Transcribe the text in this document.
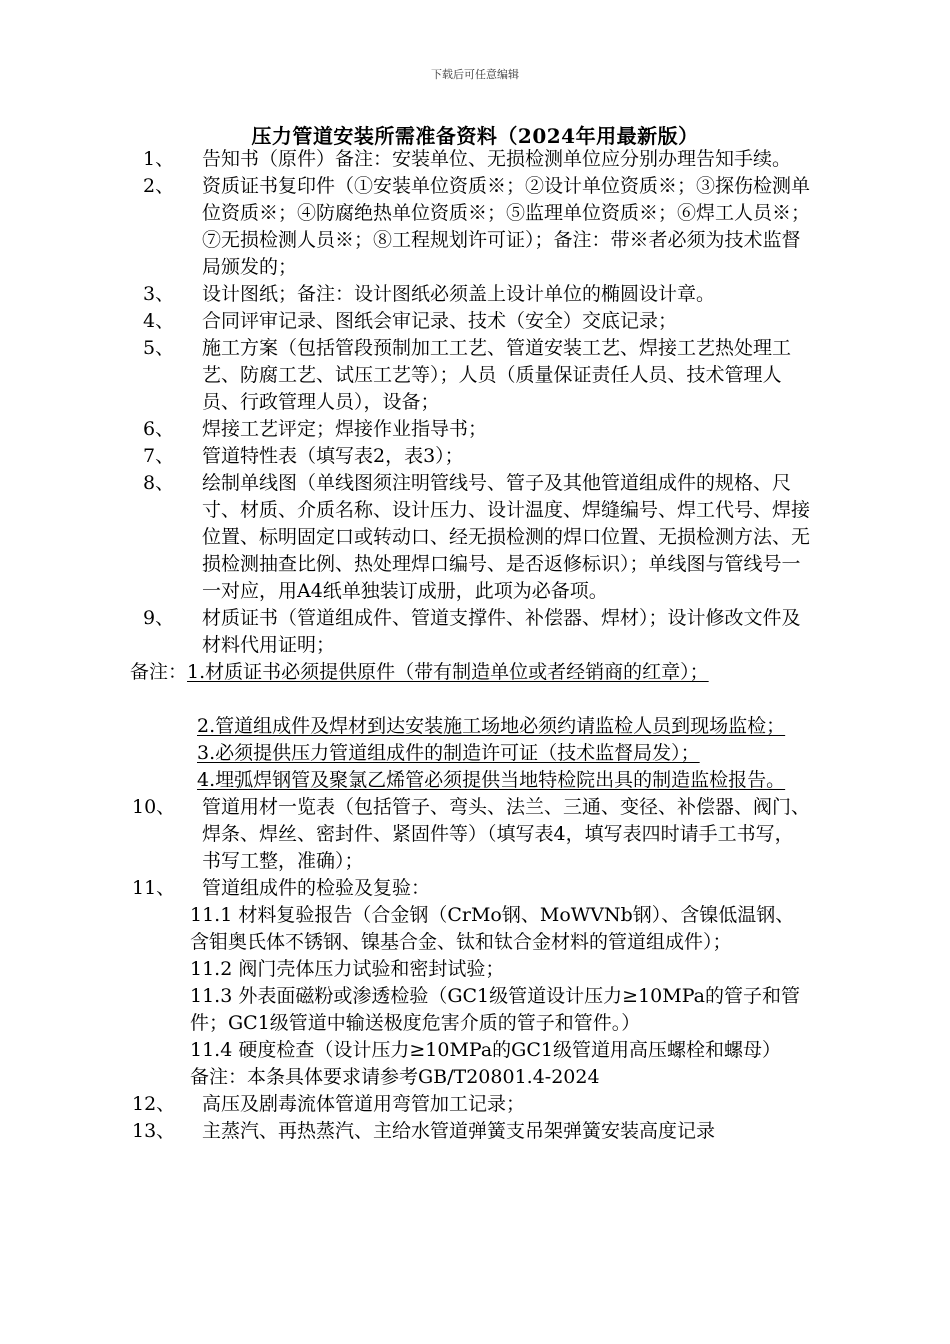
下载后可任意编辑
压力管道安装所需准备资料（2024年用最新版）
1、 告知书（原件）备注：安装单位、无损检测单位应分别办理告知手续。
2、 资质证书复印件（①安装单位资质※；②设计单位资质※；③探伤检测单位资质※；④防腐绝热单位资质※；⑤监理单位资质※；⑥焊工人员※；⑦无损检测人员※；⑧工程规划许可证）；备注：带※者必须为技术监督局颁发的；
3、 设计图纸；备注：设计图纸必须盖上设计单位的椭圆设计章。
4、 合同评审记录、图纸会审记录、技术（安全）交底记录；
5、 施工方案（包括管段预制加工工艺、管道安装工艺、焊接工艺热处理工艺、防腐工艺、试压工艺等）；人员（质量保证责任人员、技术管理人员、行政管理人员），设备；
6、 焊接工艺评定；焊接作业指导书；
7、 管道特性表（填写表2，表3）；
8、 绘制单线图（单线图须注明管线号、管子及其他管道组成件的规格、尺寸、材质、介质名称、设计压力、设计温度、焊缝编号、焊工代号、焊接位置、标明固定口或转动口、经无损检测的焊口位置、无损检测方法、无损检测抽查比例、热处理焊口编号、是否返修标识）；单线图与管线号一一对应，用A4纸单独装订成册，此项为必备项。
9、 材质证书（管道组成件、管道支撑件、补偿器、焊材）；设计修改文件及材料代用证明；
备注：1.材质证书必须提供原件（带有制造单位或者经销商的红章）；
2.管道组成件及焊材到达安装施工场地必须约请监检人员到现场监检；
3.必须提供压力管道组成件的制造许可证（技术监督局发）；
4.埋弧焊钢管及聚氯乙烯管必须提供当地特检院出具的制造监检报告。
10、 管道用材一览表（包括管子、弯头、法兰、三通、变径、补偿器、阀门、焊条、焊丝、密封件、紧固件等）（填写表4，填写表四时请手工书写，书写工整，准确）；
11、 管道组成件的检验及复验：
11.1 材料复验报告（合金钢（CrMo钢、MoWVNb钢）、含镍低温钢、含钼奥氏体不锈钢、镍基合金、钛和钛合金材料的管道组成件）；
11.2 阀门壳体压力试验和密封试验；
11.3 外表面磁粉或渗透检验（GC1级管道设计压力≥10MPa的管子和管件；GC1级管道中输送极度危害介质的管子和管件。）
11.4 硬度检查（设计压力≥10MPa的GC1级管道用高压螺栓和螺母）
备注：本条具体要求请参考GB/T20801.4-2024
12、 高压及剧毒流体管道用弯管加工记录；
13、 主蒸汽、再热蒸汽、主给水管道弹簧支吊架弹簧安装高度记录
